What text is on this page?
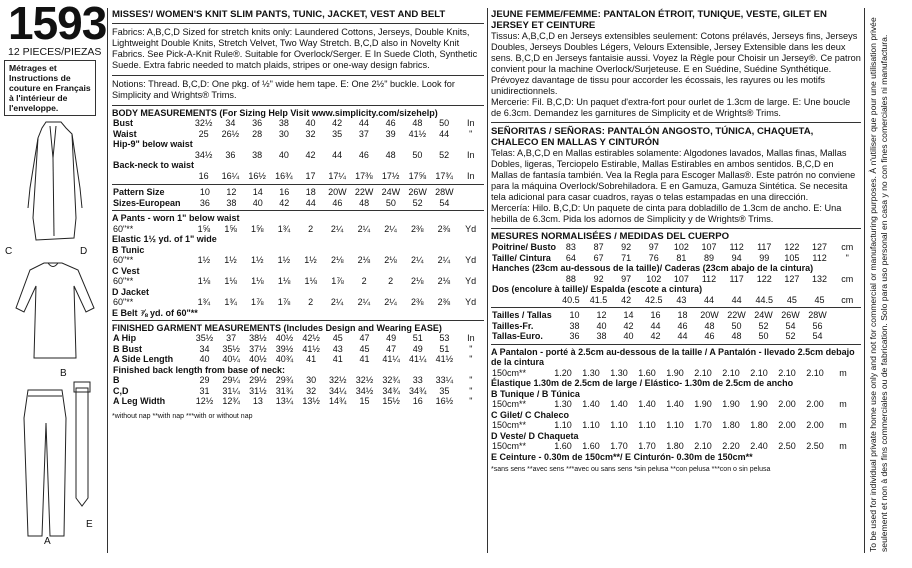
1593
12 PIECES/PIEZAS
Métrages et Instructions de couture en Français à l'intérieur de l'enveloppe.
C	D
B
A
E
MISSES'/ WOMEN'S KNIT SLIM PANTS, TUNIC, JACKET, VEST AND BELT
Fabrics: A,B,C,D Sized for stretch knits only: Laundered Cottons, Jerseys, Double Knits, Lightweight Double Knits, Stretch Velvet, Two Way Stretch. B,C,D also in Novelty Knit Fabrics. See Pick-A-Knit Rule®. Suitable for Overlock/Serger. E In Suede Cloth, Synthetic Suede. Extra fabric needed to match plaids, stripes or one-way design fabrics.
Notions: Thread. B,C,D: One pkg. of ½" wide hem tape. E: One 2½" buckle. Look for Simplicity and Wrights® Trims.
BODY MEASUREMENTS (For Sizing Help Visit www.simplicity.com/sizehelp)
Bust	32½	34	36	38	40	42	44	46	48	50	In
Waist	25	26½	28	30	32	35	37	39	41½	44	"
Hip-9" below waist											
	34½	36	38	40	42	44	46	48	50	52	In
Back-neck to waist											
	16	16¼	16½	16¾	17	17¼	17⅜	17½	17⅝	17¾	In
Pattern Size	10	12	14	16	18	20W	22W	24W	26W	28W	
Sizes-European	36	38	40	42	44	46	48	50	52	54	
A Pants - worn 1" below waist
60"**	1⅝	1⅝	1⅝	1¾	2	2¼	2¼	2¼	2⅜	2⅜	Yd
Elastic 1½ yd. of 1" wide
B Tunic
60"**	1½	1½	1½	1½	1½	2⅛	2⅛	2⅛	2¼	2¼	Yd
C Vest
60"**	1⅛	1⅛	1⅛	1⅛	1⅛	1⅞	2	2	2⅛	2⅛	Yd
D Jacket
60"**	1¾	1¾	1⅞	1⅞	2	2¼	2¼	2¼	2⅜	2⅜	Yd
E Belt ⅞ yd. of 60"**
FINISHED GARMENT MEASUREMENTS (Includes Design and Wearing EASE)
A Hip	35½	37	38½	40½	42½	45	47	49	51	53	In
B Bust	34	35½	37½	39½	41½	43	45	47	49	51	"
A Side Length	40	40¼	40½	40¾	41	41	41	41¼	41¼	41½	"
Finished back length from base of neck:											
B	29	29¼	29½	29¾	30	32½	32½	32¾	33	33¼	"
C,D	31	31¼	31½	31¾	32	34¼	34½	34¾	34¾	35	"
A Leg Width	12½	12¾	13	13¼	13½	14¾	15	15½	16	16½	"
*without nap **with nap ***with or without nap
JEUNE FEMME/FEMME: PANTALON ÉTROIT, TUNIQUE, VESTE, GILET EN JERSEY ET CEINTURE
Tissus: A,B,C,D en Jerseys extensibles seulement: Cotons prélavés, Jerseys fins, Jerseys Doubles, Jerseys Doubles Légers, Velours Extensible, Jersey Extensible dans les deux sens. B,C,D en Jerseys fantaisie aussi. Voyez la Règle pour Choisir un Jersey®. Ce patron convient pour la machine Overlock/Surjeteuse. E en Suédine, Suédine Synthétique. Prévoyez davantage de tissu pour accorder les écossais, les rayures ou les motifs unidirectionnels.
Mercerie: Fil. B,C,D: Un paquet d'extra-fort pour ourlet de 1.3cm de large. E: Une boucle de 6.3cm. Demandez les garnitures de Simplicity et de Wrights® Trims.
SEÑORITAS / SEÑORAS: PANTALÓN ANGOSTO, TÚNICA, CHAQUETA, CHALECO EN MALLAS Y CINTURÓN
Telas: A,B,C,D en Mallas estirables solamente: Algodones lavados, Mallas finas, Mallas Dobles, ligeras, Terciopelo Estirable, Mallas Estirables en ambos sentidos. B,C,D en Mallas de fantasía también. Vea la Regla para Escoger Mallas®. Este patrón no conviene para la máquina Overlock/Sobrehiladora. E en Gamuza, Gamuza Sintética. Se necesita tela adicional para casar cuadros, rayas o telas estampadas en una dirección.
Mercería: Hilo. B,C,D: Un paquete de cinta para dobladillo de 1.3cm de ancho. E: Una hebilla de 6.3cm. Pida los adornos de Simplicity y de Wrights® Trims.
MESURES NORMALISÉES / MEDIDAS DEL CUERPO
Poitrine/ Busto	83	87	92	97	102	107	112	117	122	127	cm
Taille/ Cintura	64	67	71	76	81	89	94	99	105	112	"
Hanches (23cm au-dessous de la taille)/ Caderas (23cm abajo de la cintura)											
	88	92	97	102	107	112	117	122	127	132	cm
Dos (encolure à taille)/ Espalda (escote a cintura)											
	40.5	41.5	42	42.5	43	44	44	44.5	45	45	cm
Tailles / Tallas	10	12	14	16	18	20W	22W	24W	26W	28W	
Tailles-Fr.	38	40	42	44	46	48	50	52	54	56	
Tallas-Euro.	36	38	40	42	44	46	48	50	52	54	
A Pantalon - porté à 2.5cm au-dessous de la taille / A Pantalón - llevado 2.5cm debajo de la cintura
150cm**	1.20	1.30	1.30	1.60	1.90	2.10	2.10	2.10	2.10	2.10	m
Élastique 1.30m de 2.5cm de large / Elástico- 1.30m de 2.5cm de ancho
B Tunique / B Túnica
150cm**	1.30	1.40	1.40	1.40	1.40	1.90	1.90	1.90	2.00	2.00	m
C Gilet/ C Chaleco
150cm**	1.10	1.10	1.10	1.10	1.10	1.70	1.80	1.80	2.00	2.00	m
D Veste/ D Chaqueta
150cm**	1.60	1.60	1.70	1.70	1.80	2.10	2.20	2.40	2.50	2.50	m
E Ceinture - 0.30m de 150cm**/ E Cinturón- 0.30m de 150cm**
*sans sens **avec sens ***avec ou sans sens *sin pelusa **con pelusa ***con o sin pelusa	To be used for individual private home use only and not for commercial or manufacturing purposes. À n'utiliser que pour une utilisation privée seulement et non à des fins commerciales ou de fabrication. Solo para uso personal en casa y no con fines comerciales ni manufactura.
